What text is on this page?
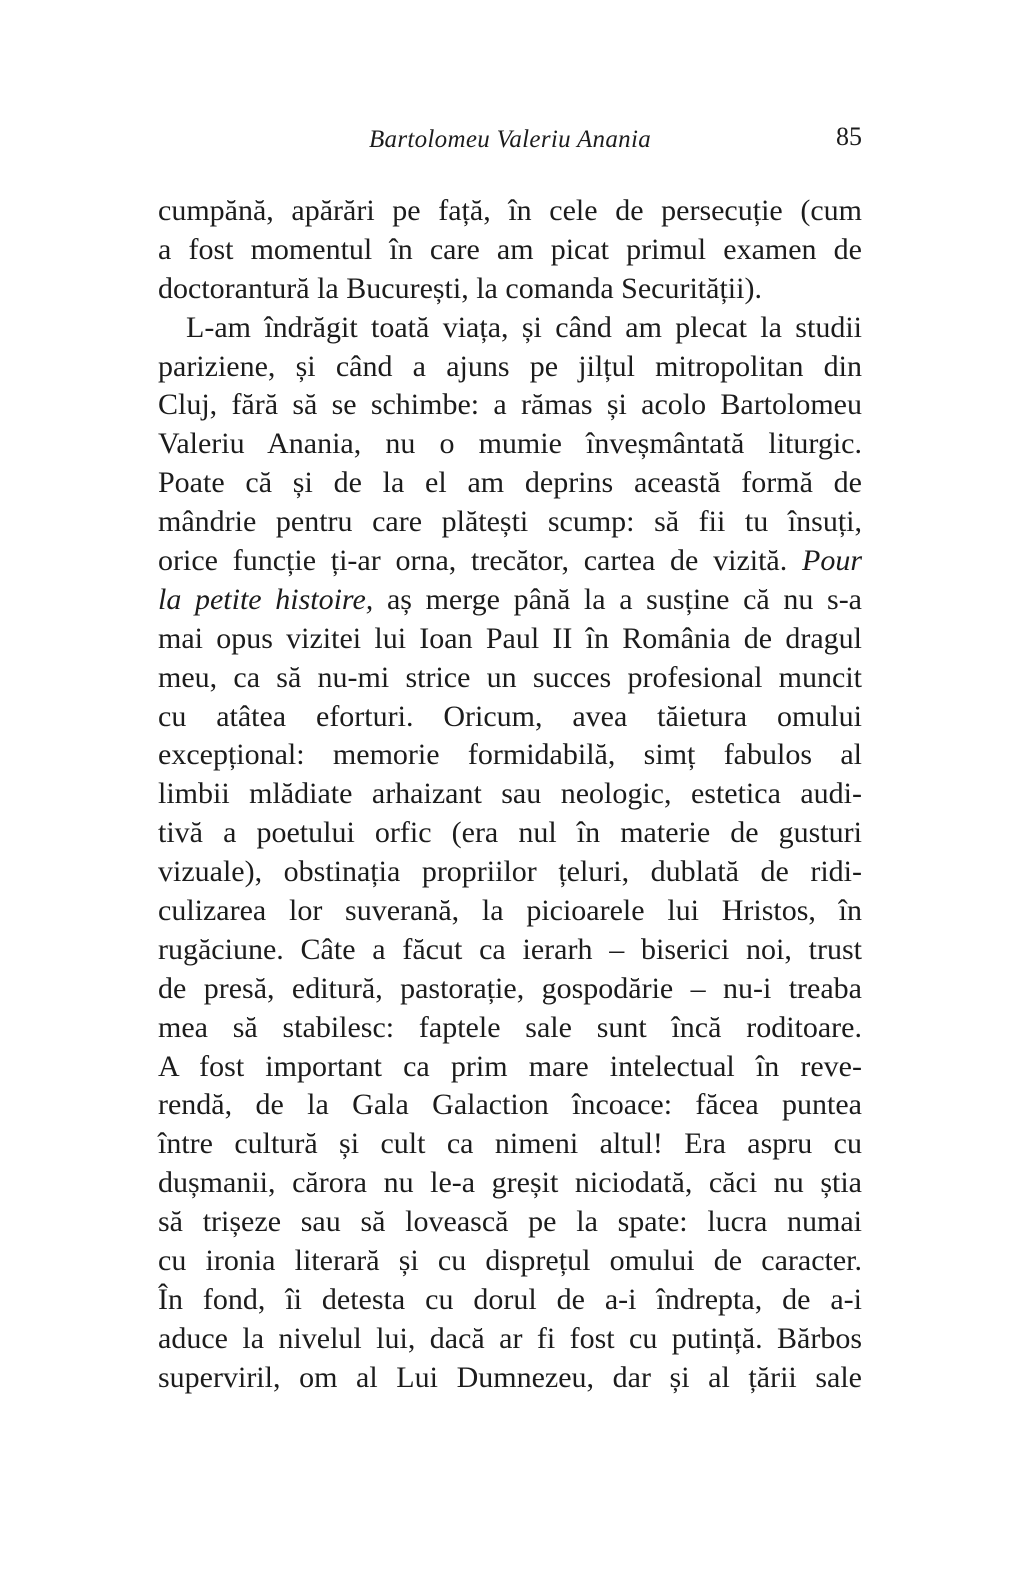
Bartolomeu Valeriu Anania	85
cumpănă, apărări pe față, în cele de persecuție (cum
a fost momentul în care am picat primul examen de
doctorantură la București, la comanda Securității).
L-am îndrăgit toată viața, și când am plecat la studii
pariziene, și când a ajuns pe jilțul mitropolitan din
Cluj, fără să se schimbe: a rămas și acolo Bartolomeu
Valeriu Anania, nu o mumie înveșmântată liturgic.
Poate că și de la el am deprins această formă de
mândrie pentru care plătești scump: să fii tu însuți,
orice funcție ți-ar orna, trecător, cartea de vizită. Pour
la petite histoire, aș merge până la a susține că nu s-a
mai opus vizitei lui Ioan Paul II în România de dragul
meu, ca să nu-mi strice un succes profesional muncit
cu atâtea eforturi. Oricum, avea tăietura omului
excepțional: memorie formidabilă, simț fabulos al
limbii mlădiate arhaizant sau neologic, estetica audi-
tivă a poetului orfic (era nul în materie de gusturi
vizuale), obstinația propriilor țeluri, dublată de ridi-
culizarea lor suverană, la picioarele lui Hristos, în
rugăciune. Câte a făcut ca ierarh – biserici noi, trust
de presă, editură, pastorație, gospodărie – nu-i treaba
mea să stabilesc: faptele sale sunt încă roditoare.
A fost important ca prim mare intelectual în reve-
rendă, de la Gala Galaction încoace: făcea puntea
între cultură și cult ca nimeni altul! Era aspru cu
dușmanii, cărora nu le-a greșit niciodată, căci nu știa
să trișeze sau să lovească pe la spate: lucra numai
cu ironia literară și cu disprețul omului de caracter.
În fond, îi detesta cu dorul de a-i îndrepta, de a-i
aduce la nivelul lui, dacă ar fi fost cu putință. Bărbos
superviril, om al Lui Dumnezeu, dar și al țării sale
